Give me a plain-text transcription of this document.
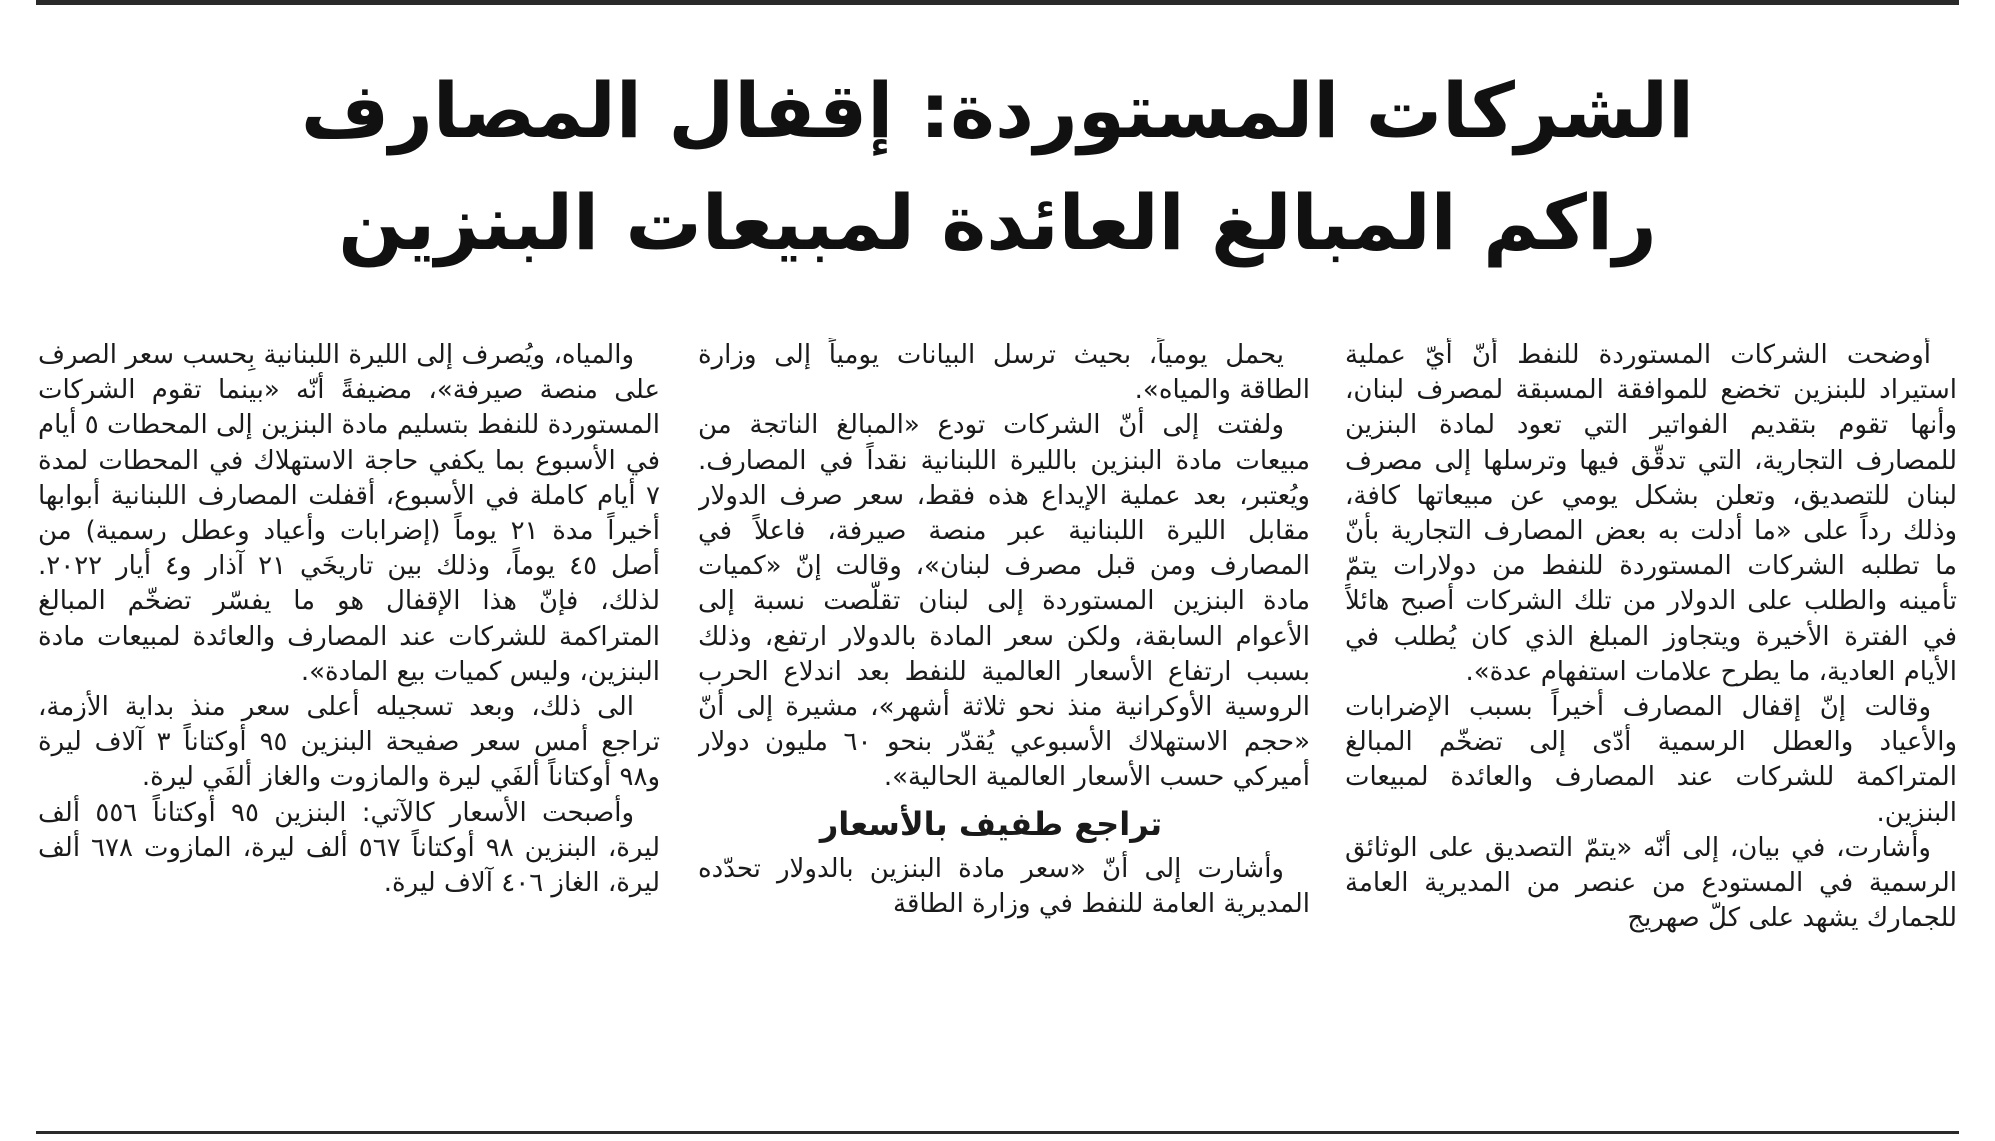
الشركات المستوردة: إقفال المصارف
راكم المبالغ العائدة لمبيعات البنزين

أوضحت الشركات المستوردة للنفط أنّ أيّ عملية استيراد للبنزين تخضع للموافقة المسبقة لمصرف لبنان، وأنها تقوم بتقديم الفواتير التي تعود لمادة البنزين للمصارف التجارية، التي تدقّق فيها وترسلها إلى مصرف لبنان للتصديق، وتعلن بشكل يومي عن مبيعاتها كافة، وذلك رداً على «ما أدلت به بعض المصارف التجارية بأنّ ما تطلبه الشركات المستوردة للنفط من دولارات يتمّ تأمينه والطلب على الدولار من تلك الشركات أصبح هائلاً في الفترة الأخيرة ويتجاوز المبلغ الذي كان يُطلب في الأيام العادية، ما يطرح علامات استفهام عدة».

وقالت إنّ إقفال المصارف أخيراً بسبب الإضرابات والأعياد والعطل الرسمية أدّى إلى تضخّم المبالغ المتراكمة للشركات عند المصارف والعائدة لمبيعات البنزين.

وأشارت، في بيان، إلى أنّه «يتمّ التصديق على الوثائق الرسمية في المستودع من عنصر من المديرية العامة للجمارك يشهد على كلّ صهريج

يحمل يومياً، بحيث ترسل البيانات يومياً إلى وزارة الطاقة والمياه».

ولفتت إلى أنّ الشركات تودع «المبالغ الناتجة من مبيعات مادة البنزين بالليرة اللبنانية نقداً في المصارف. ويُعتبر، بعد عملية الإيداع هذه فقط، سعر صرف الدولار مقابل الليرة اللبنانية عبر منصة صيرفة، فاعلاً في المصارف ومن قبل مصرف لبنان»، وقالت إنّ «كميات مادة البنزين المستوردة إلى لبنان تقلّصت نسبة إلى الأعوام السابقة، ولكن سعر المادة بالدولار ارتفع، وذلك بسبب ارتفاع الأسعار العالمية للنفط بعد اندلاع الحرب الروسية الأوكرانية منذ نحو ثلاثة أشهر»، مشيرة إلى أنّ «حجم الاستهلاك الأسبوعي يُقدّر بنحو ٦٠ مليون دولار أميركي حسب الأسعار العالمية الحالية».

تراجع طفيف بالأسعار

وأشارت إلى أنّ «سعر مادة البنزين بالدولار تحدّده المديرية العامة للنفط في وزارة الطاقة

والمياه، ويُصرف إلى الليرة اللبنانية بِحسب سعر الصرف على منصة صيرفة»، مضيفةً أنّه «بينما تقوم الشركات المستوردة للنفط بتسليم مادة البنزين إلى المحطات ٥ أيام في الأسبوع بما يكفي حاجة الاستهلاك في المحطات لمدة ٧ أيام كاملة في الأسبوع، أقفلت المصارف اللبنانية أبوابها أخيراً مدة ٢١ يوماً (إضرابات وأعياد وعطل رسمية) من أصل ٤٥ يوماً، وذلك بين تاريخَي ٢١ آذار و٤ أيار ٢٠٢٢. لذلك، فإنّ هذا الإقفال هو ما يفسّر تضخّم المبالغ المتراكمة للشركات عند المصارف والعائدة لمبيعات مادة البنزين، وليس كميات بيع المادة».

الى ذلك، وبعد تسجيله أعلى سعر منذ بداية الأزمة، تراجع أمس سعر صفيحة البنزين ٩٥ أوكتاناً ٣ آلاف ليرة و٩٨ أوكتاناً ألفَي ليرة والمازوت والغاز ألفَي ليرة.

وأصبحت الأسعار كالآتي: البنزين ٩٥ أوكتاناً ٥٥٦ ألف ليرة، البنزين ٩٨ أوكتاناً ٥٦٧ ألف ليرة، المازوت ٦٧٨ ألف ليرة، الغاز ٤٠٦ آلاف ليرة.
